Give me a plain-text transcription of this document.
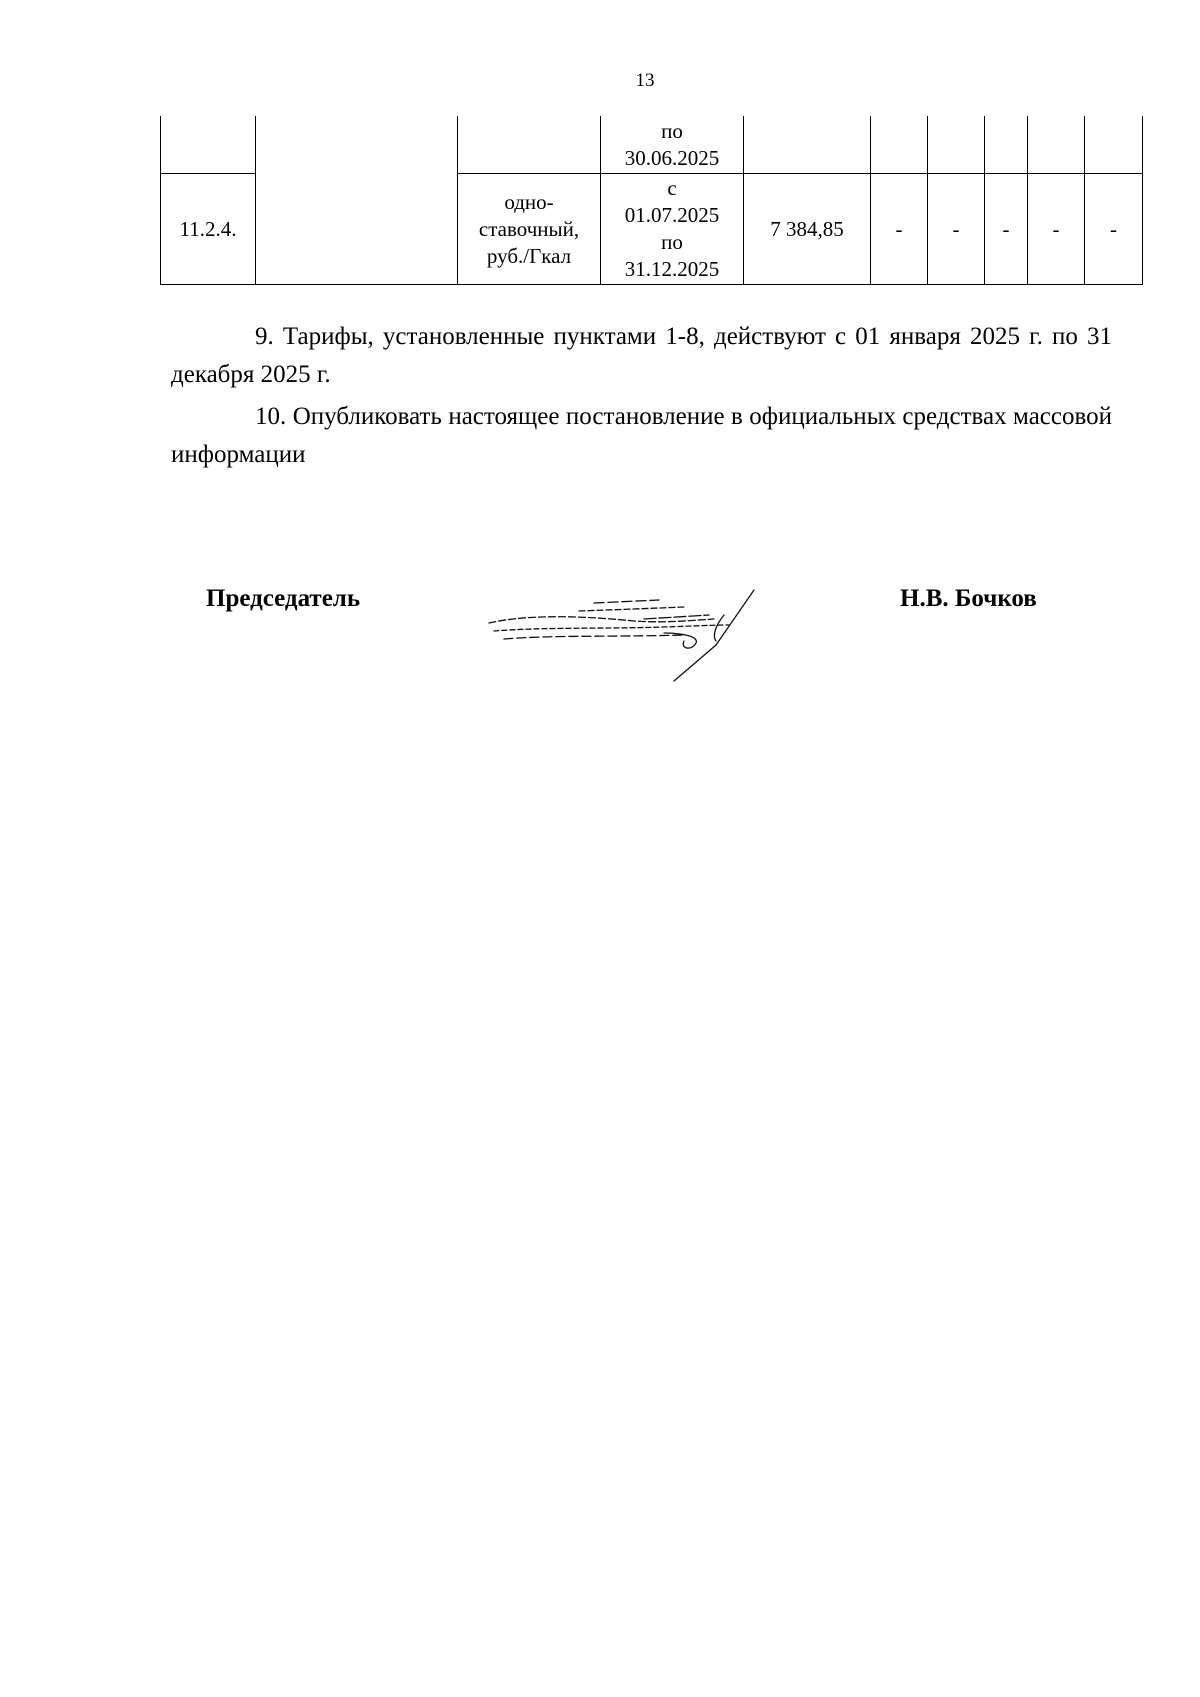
13

			по
30.06.2025						

11.2.4.		одно-
ставочный,
руб./Гкал	с
01.07.2025
по
31.12.2025	7 384,85	-	-	-	-	-

9. Тарифы, установленные пунктами 1-8, действуют с 01 января 2025 г. по 31 декабря 2025 г.

10. Опубликовать настоящее постановление в официальных средствах массовой информации

Председатель	Н.В. Бочков
